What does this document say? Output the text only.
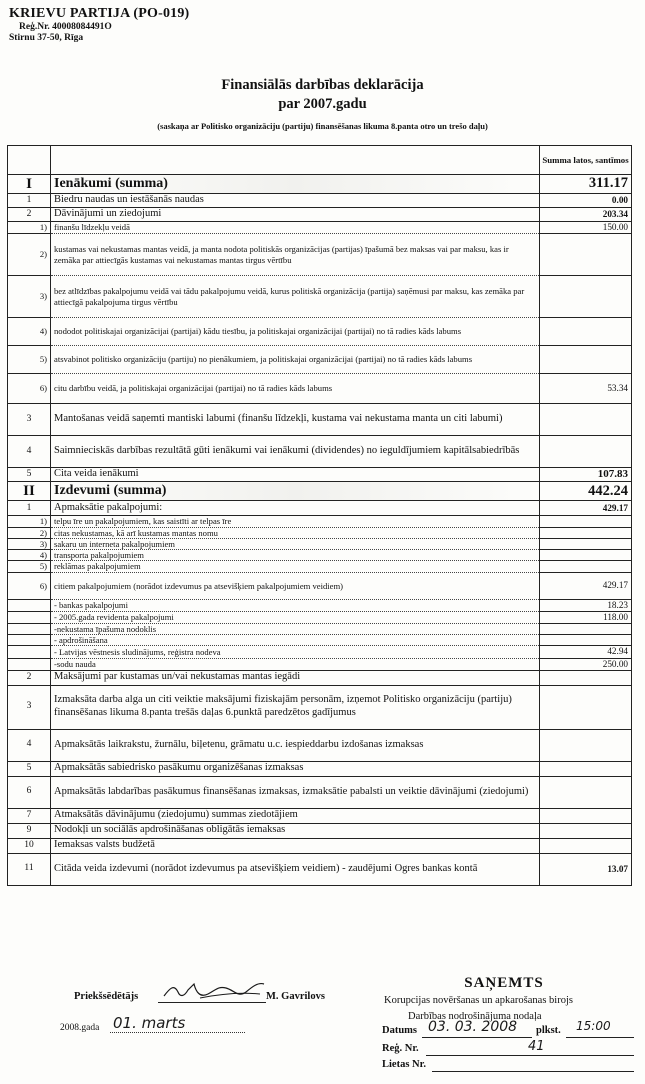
KRIEVU PARTIJA (PO-019)
Reģ.Nr. 40008084491O
Stirnu 37-50, Rīga
Finansiālās darbības deklarācija
par 2007.gadu
(saskaņa ar Politisko organizāciju (partiju) finansēšanas likuma 8.panta otro un trešo daļu)
		Summa latos, santīmos
I	Ienākumi (summa)	311.17
1	Biedru naudas un iestāšanās naudas	0.00
2	Dāvinājumi un ziedojumi	203.34
1)	finanšu līdzekļu veidā	150.00
2)	kustamas vai nekustamas mantas veidā, ja manta nodota politiskās organizācijas (partijas) īpašumā bez maksas vai par maksu, kas ir zemāka par attiecīgās kustamas vai nekustamas mantas tirgus vērtību	
3)	bez atlīdzības pakalpojumu veidā vai tādu pakalpojumu veidā, kurus politiskā organizācija (partija) saņēmusi par maksu, kas zemāka par attiecīgā pakalpojuma tirgus vērtību	
4)	nododot politiskajai organizācijai (partijai) kādu tiesību, ja politiskajai organizācijai (partijai) no tā radies kāds labums	
5)	atsvabinot politisko organizāciju (partiju) no pienākumiem, ja politiskajai organizācijai (partijai) no tā radies kāds labums	
6)	citu darbību veidā, ja politiskajai organizācijai (partijai) no tā radies kāds labums	53.34
3	Mantošanas veidā saņemti mantiski labumi (finanšu līdzekļi, kustama vai nekustama manta un citi labumi)	
4	Saimnieciskās darbības rezultātā gūti ienākumi vai ienākumi (dividendes) no ieguldījumiem kapitālsabiedrībās	
5	Cita veida ienākumi	107.83
II	Izdevumi (summa)	442.24
1	Apmaksātie pakalpojumi:	429.17
1)	telpu īre un pakalpojumiem, kas saistīti ar telpas īre	
2)	citas nekustamas, kā arī kustamas mantas nomu	
3)	sakaru un interneta pakalpojumiem	
4)	transporta pakalpojumiem	
5)	reklāmas pakalpojumiem	
6)	citiem pakalpojumiem (norādot izdevumus pa atsevišķiem pakalpojumiem veidiem)	429.17
	- bankas pakalpojumi	18.23
	- 2005.gada revidenta pakalpojumi	118.00
	-nekustama īpašuma nodoklis	
	- apdrošināšana	
	- Latvijas vēstnesis sludinājums, reģistra nodeva	42.94
	-sodu nauda	250.00
2	Maksājumi par kustamas un/vai nekustamas mantas iegādi	
3	Izmaksāta darba alga un citi veiktie maksājumi fiziskajām personām, izņemot Politisko organizāciju (partiju) finansēšanas likuma 8.panta trešās daļas 6.punktā paredzētos gadījumus	
4	Apmaksātās laikrakstu, žurnālu, biļetenu, grāmatu u.c. iespieddarbu izdošanas izmaksas	
5	Apmaksātās sabiedrisko pasākumu organizēšanas izmaksas	
6	Apmaksātās labdarības pasākumus finansēšanas izmaksas, izmaksātie pabalsti un veiktie dāvinājumi (ziedojumi)	
7	Atmaksātās dāvinājumu (ziedojumu) summas ziedotājiem	
9	Nodokļi un sociālās apdrošināšanas obligātās iemaksas	
10	Iemaksas valsts budžetā	
11	Citāda veida izdevumi (norādot izdevumus pa atsevišķiem veidiem) - zaudējumi Ogres bankas kontā	13.07
Priekšsēdētājs	M. Gavrilovs
2008.gada 01. marts
SAŅEMTS
Korupcijas novēršanas un apkarošanas birojs
Darbības nodrošinājuma nodaļa
Datums 03. 03. 2008 plkst. 15:00
Reģ. Nr.	41
Lietas Nr.
